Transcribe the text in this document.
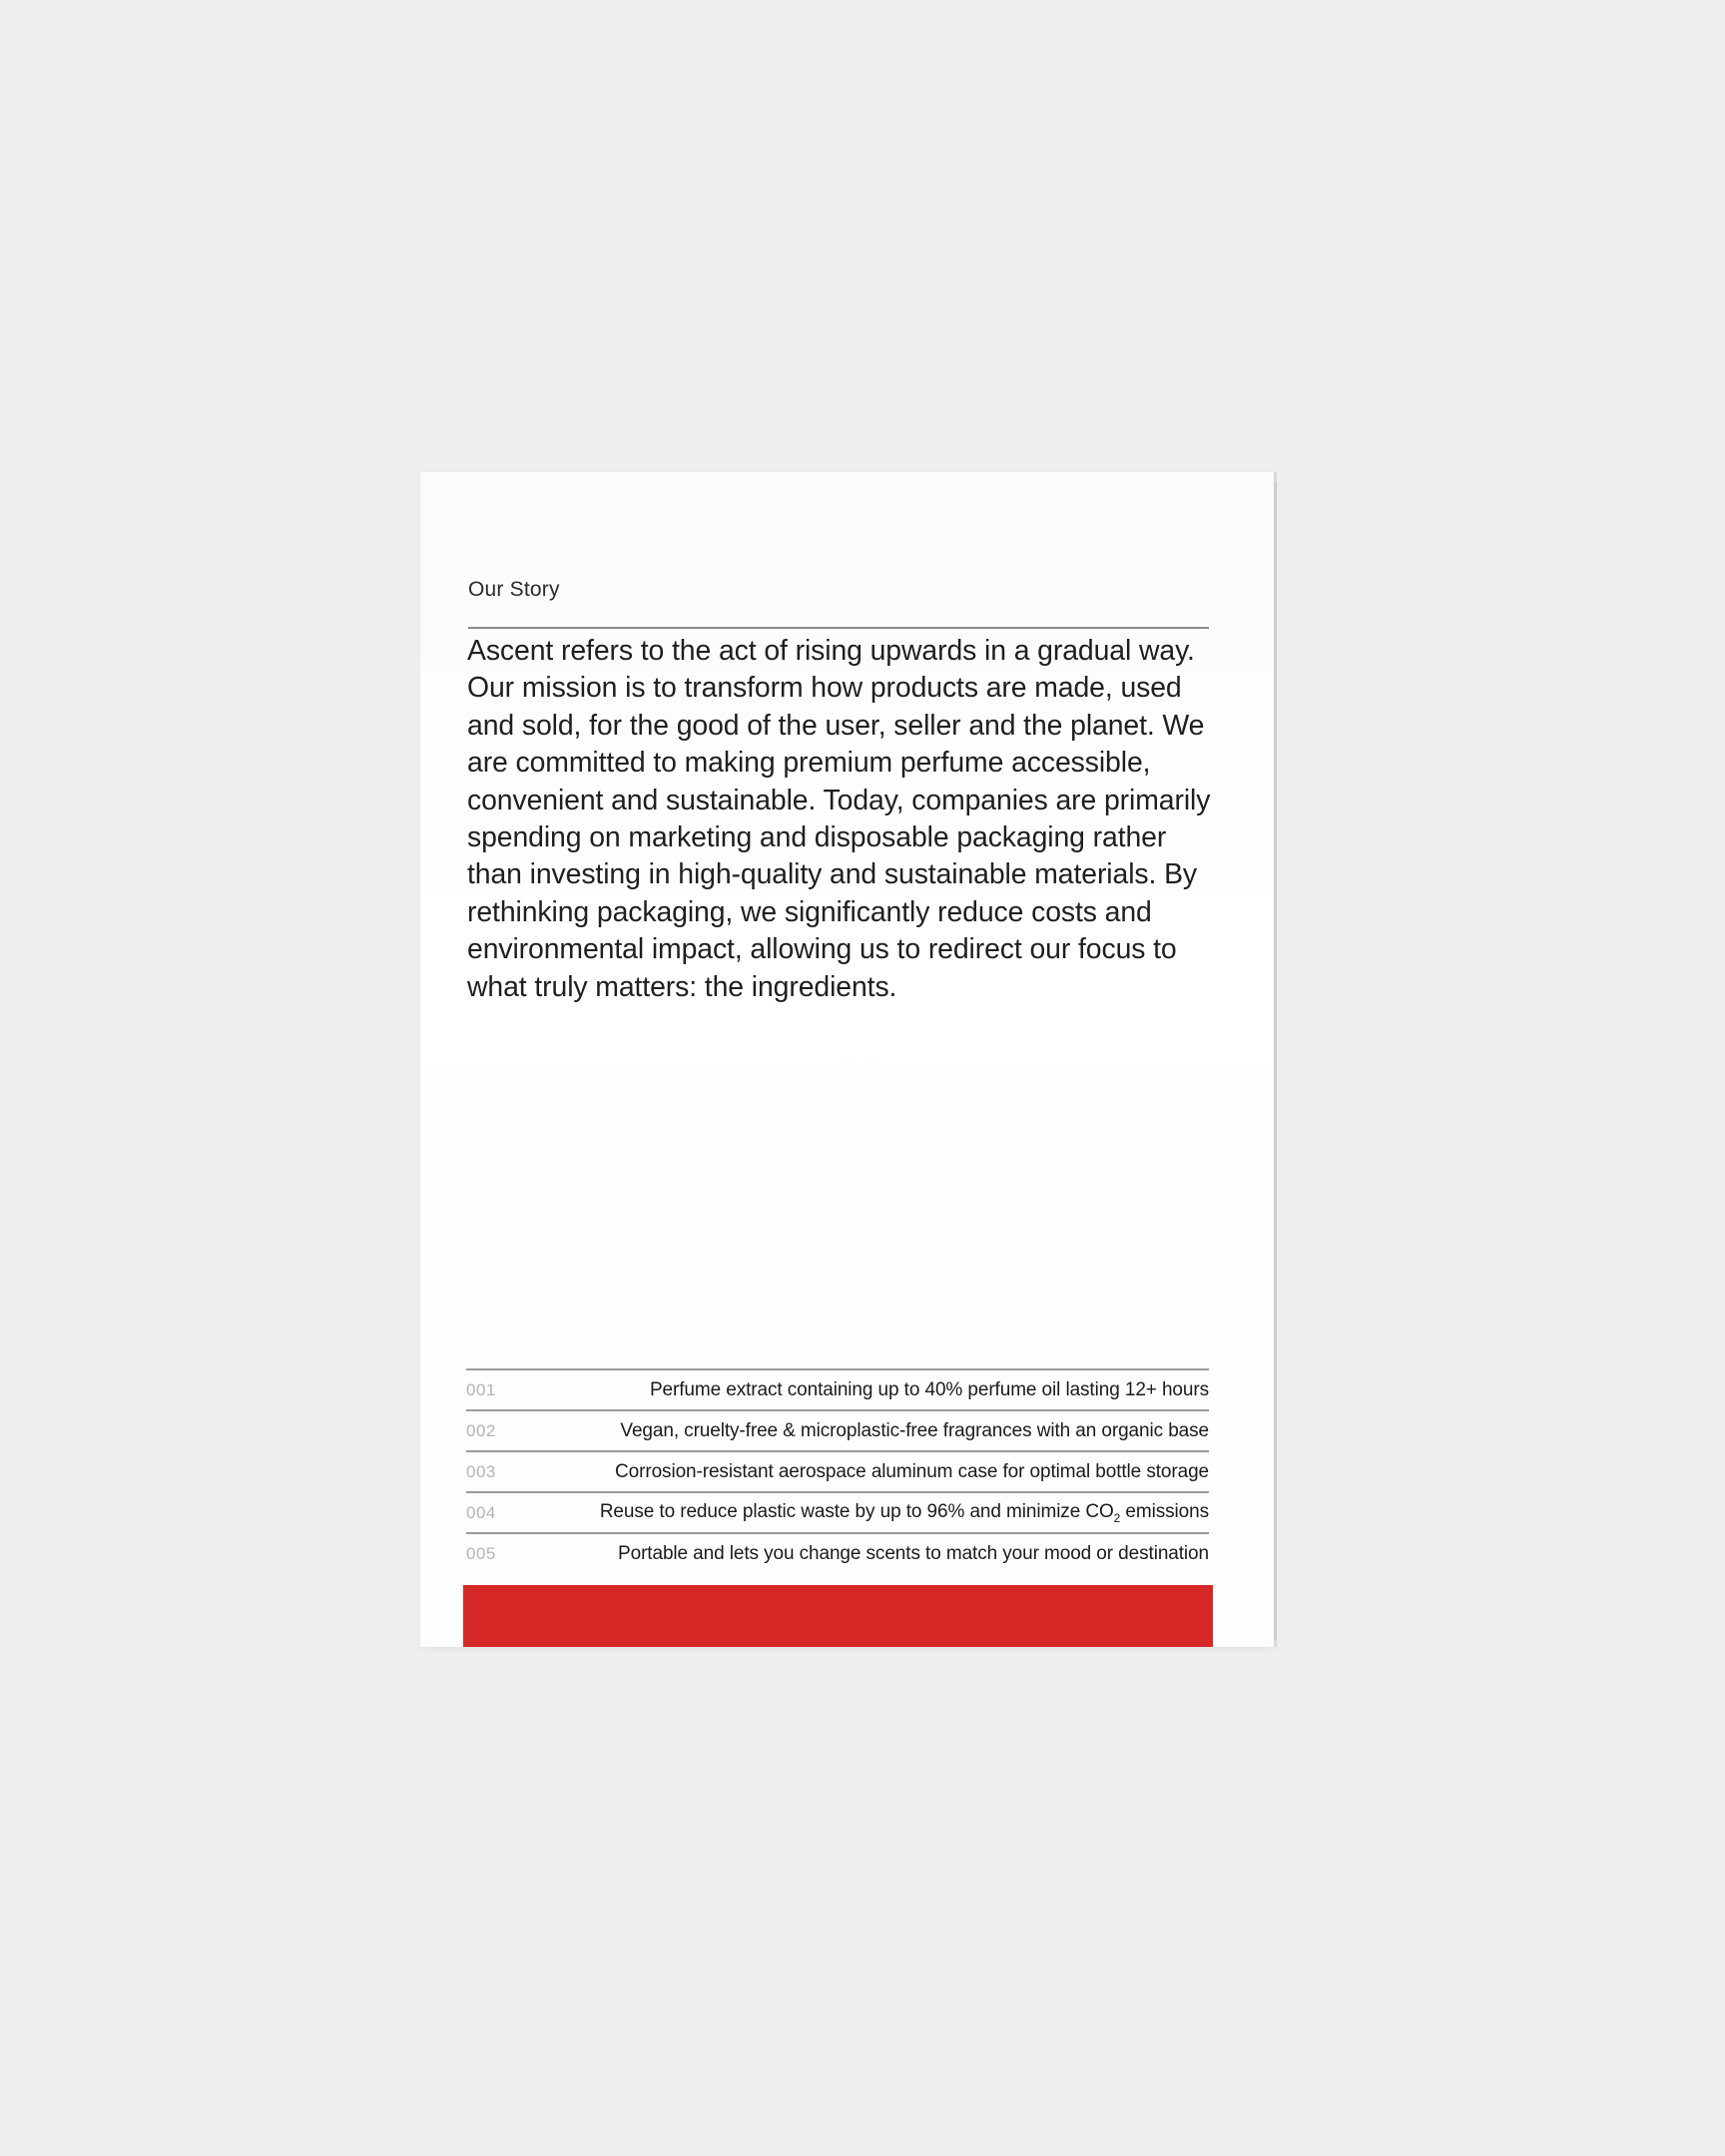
Our Story
Ascent refers to the act of rising upwards in a gradual way. Our mission is to transform how products are made, used and sold, for the good of the user, seller and the planet. We are committed to making premium perfume accessible, convenient and sustainable. Today, companies are primarily spending on marketing and disposable packaging rather than investing in high-quality and sustainable materials. By rethinking packaging, we significantly reduce costs and environmental impact, allowing us to redirect our focus to what truly matters: the ingredients.
001	Perfume extract containing up to 40% perfume oil lasting 12+ hours
002	Vegan, cruelty-free & microplastic-free fragrances with an organic base
003	Corrosion-resistant aerospace aluminum case for optimal bottle storage
004	Reuse to reduce plastic waste by up to 96% and minimize $CO_2$ emissions
005	Portable and lets you change scents to match your mood or destination
